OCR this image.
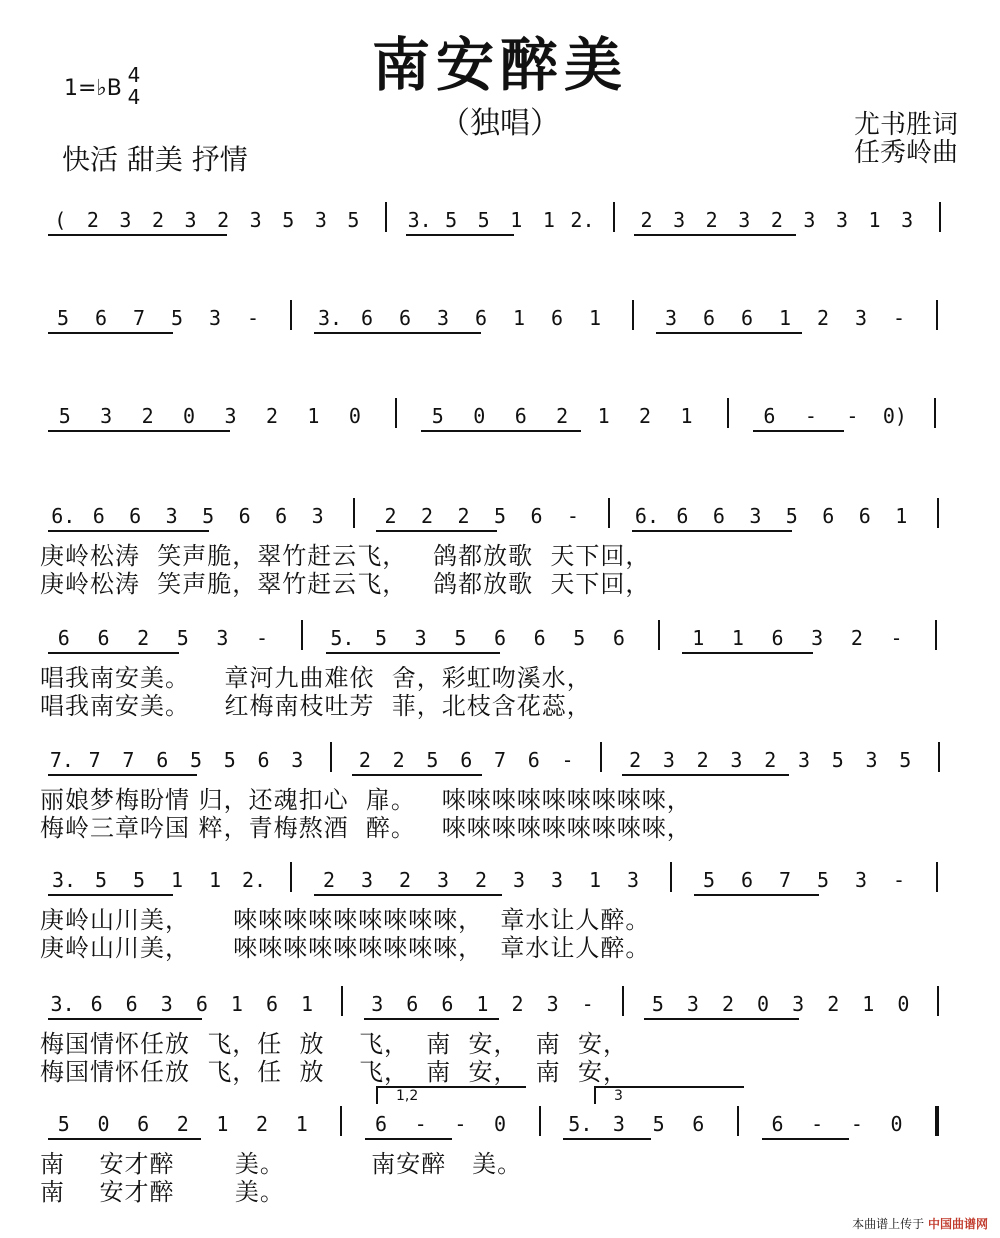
南安醉美
（独唱）
1=♭B
4
4
快活 甜美 抒情
尤书胜词
任秀岭曲
( 2 3 2 3 2 3 5 3 5 3. 5 5 1 1 2. 2 3 2 3 2 3 3 1 3
5 6 7 5 3 -	3. 6 6 3 6 1 6 1	3 6 6 1 2 3 -
5 3 2 0 3 2 1 0	5 0 6 2 1 2 1	6 - - 0)
6. 6 6 3 5 6 6 3	2 2 2 5 6 -	6. 6 6 3 5 6 6 1
庚岭松涛  笑声脆，翠竹赶云飞，   鸽都放歌  天下回，
庚岭松涛  笑声脆，翠竹赶云飞，   鸽都放歌  天下回，
6 6 2 5 3 -	5. 5 3 5 6 6 5 6	1 1 6 3 2 -
唱我南安美。    章河九曲难依  舍，彩虹吻溪水，
唱我南安美。    红梅南枝吐芳  菲，北枝含花蕊，
7. 7 7 6 5 5 6 3	2 2 5 6 7 6 -	2 3 2 3 2 3 5 3 5
丽娘梦梅盼情 归，还魂扣心  扉。   唻唻唻唻唻唻唻唻唻，
梅岭三章吟国 粹，青梅熬酒  醉。   唻唻唻唻唻唻唻唻唻，
3. 5 5 1 1 2.	2 3 2 3 2 3 3 1 3	5 6 7 5 3 -
庚岭山川美，     唻唻唻唻唻唻唻唻唻，  章水让人醉。
庚岭山川美，     唻唻唻唻唻唻唻唻唻，  章水让人醉。
3. 6 6 3 6 1 6 1	3 6 6 1 2 3 -	5 3 2 0 3 2 1 0
梅国情怀任放  飞，任  放    飞，  南  安，  南  安，
梅国情怀任放  飞，任  放    飞，  南  安，  南  安，
5 0 6 2 1 2 1	6 - - 0	5. 3 5 6	6 - - 0
南    安才醉       美。          南安醉   美。
南    安才醉       美。
本曲谱上传于 中国曲谱网
1,2	3
